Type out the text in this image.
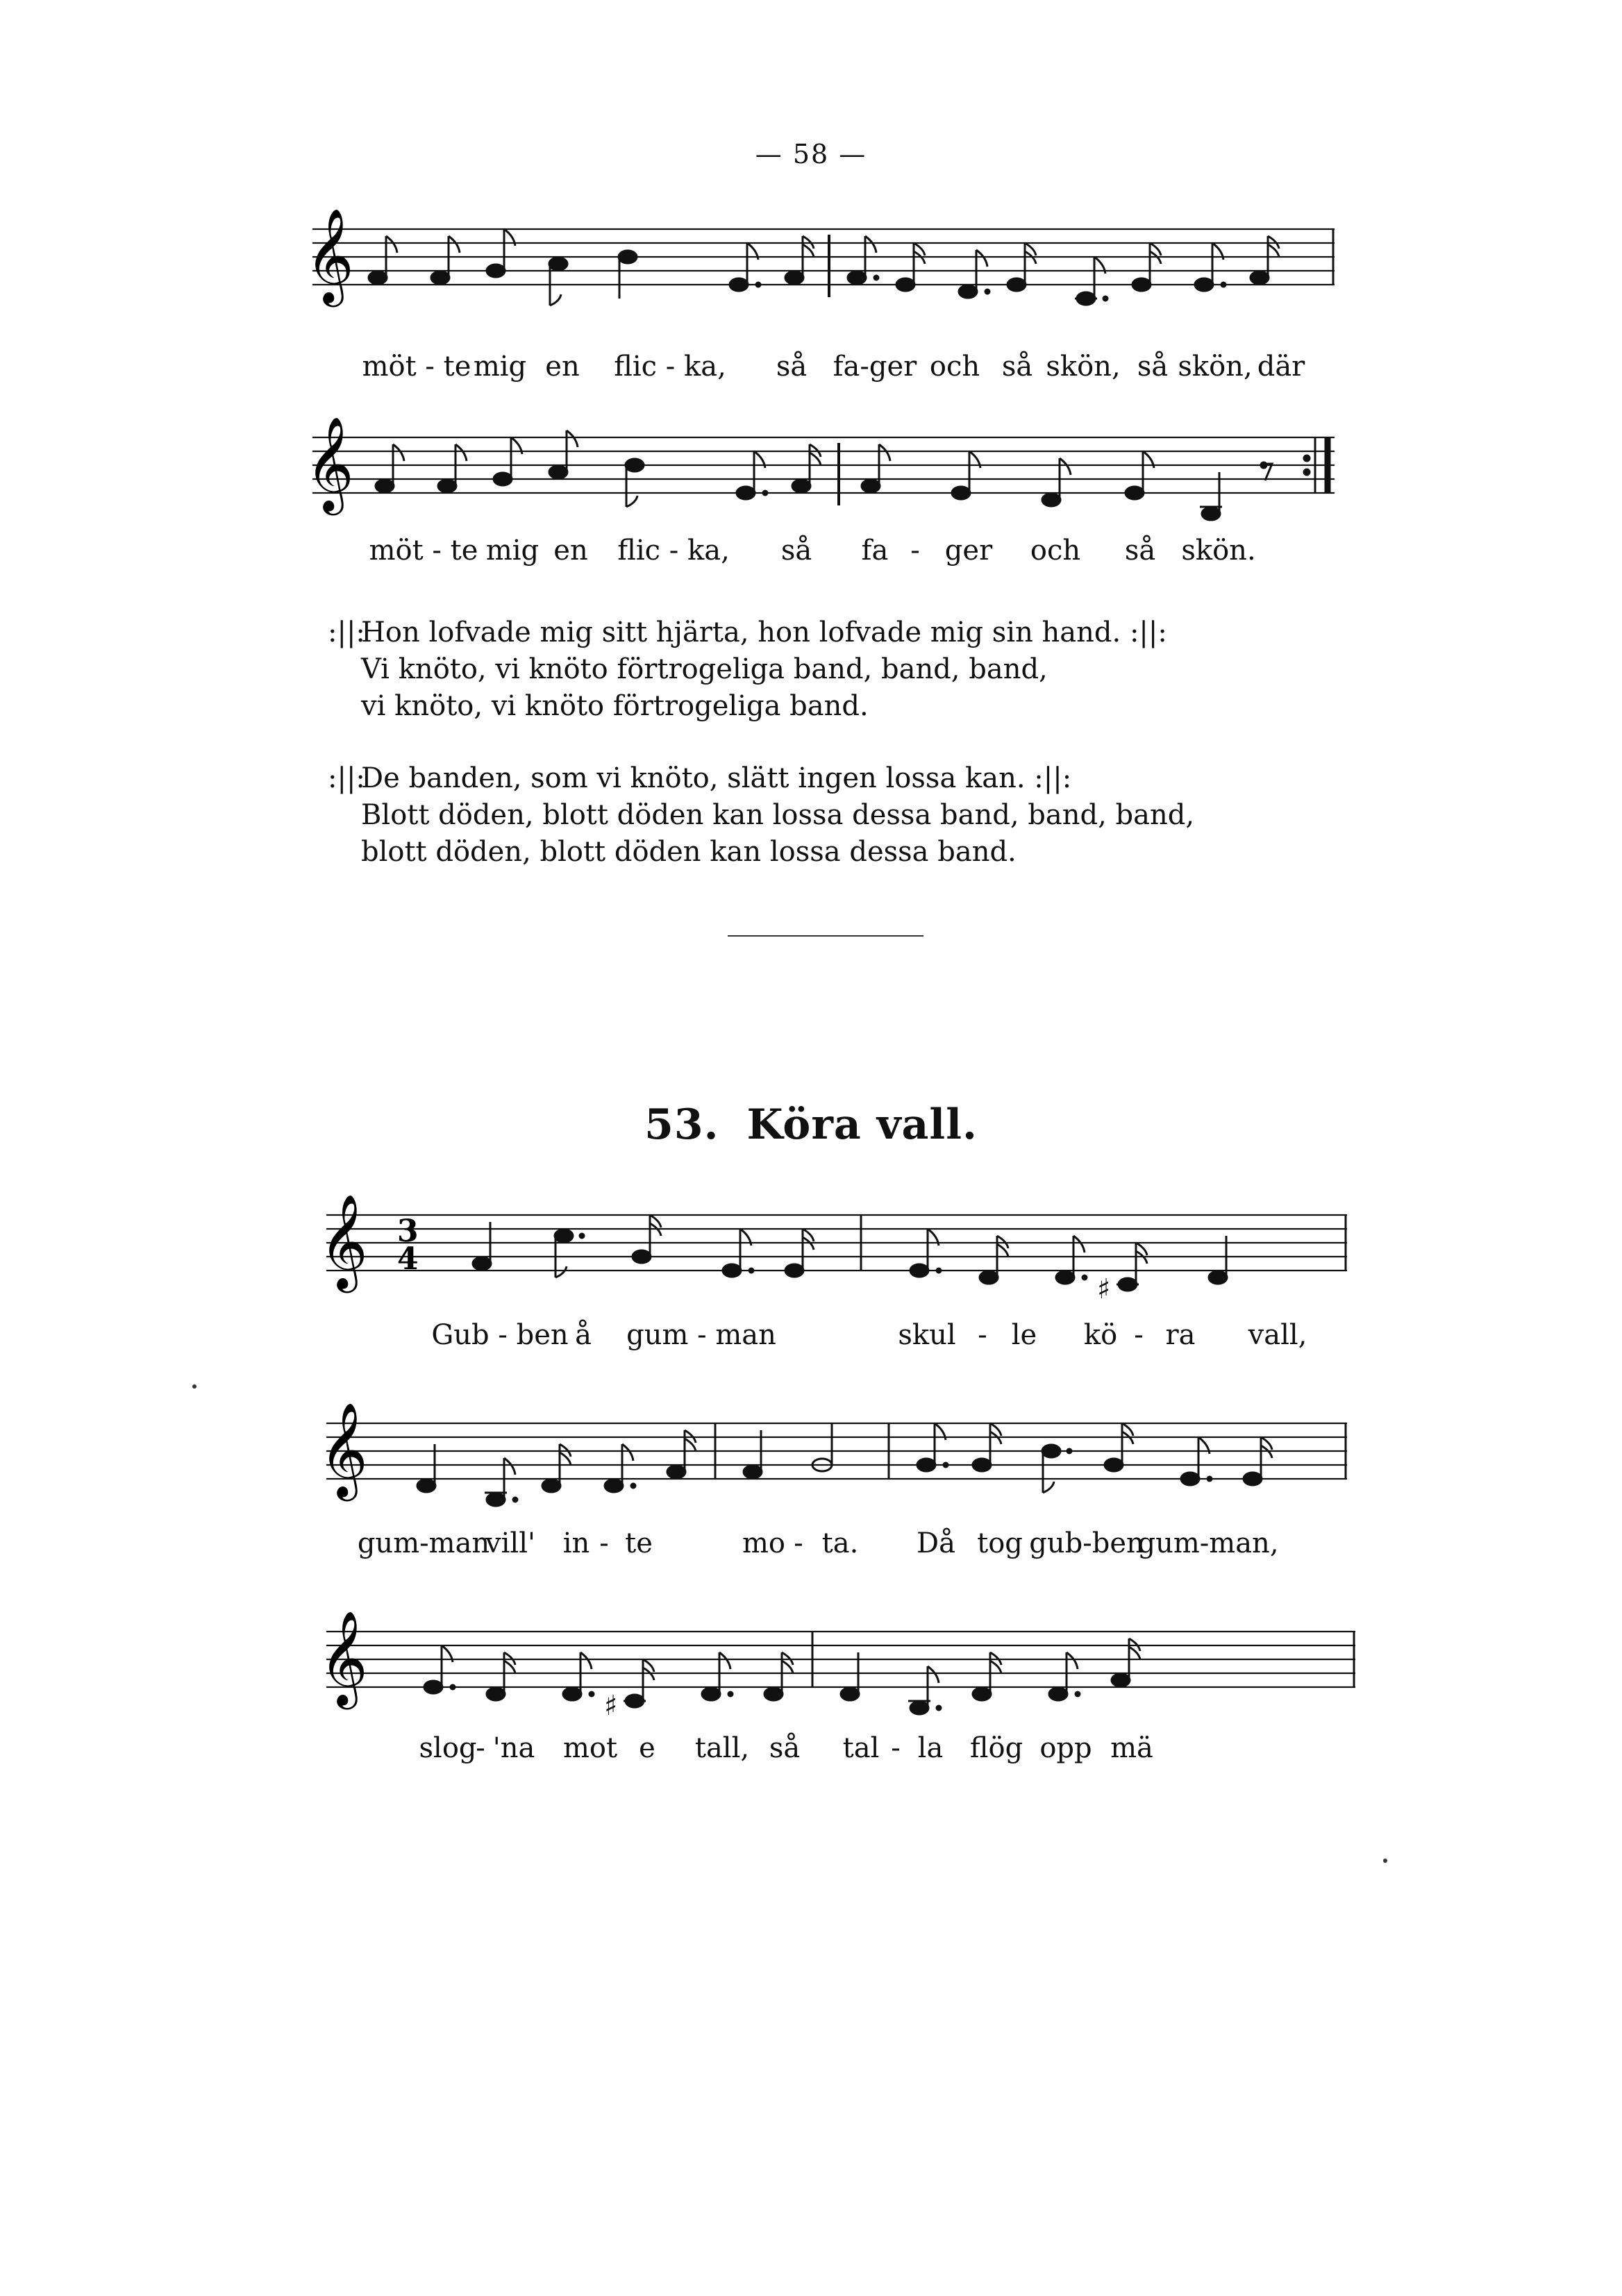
— 58 —
𝄞
möt - te mig en flic - ka, så fa-ger och så skön, så skön, där
𝄞
möt - te mig en flic - ka, så fa - ger och så skön.
:||:
Hon lofvade mig sitt hjärta, hon lofvade mig sin hand. :||:
Vi knöto, vi knöto förtrogeliga band, band, band,
vi knöto, vi knöto förtrogeliga band.
:||:
De banden, som vi knöto, slätt ingen lossa kan. :||:
Blott döden, blott döden kan lossa dessa band, band, band,
blott döden, blott döden kan lossa dessa band.
53. Köra vall.
𝄞 3
4
♯
Gub - ben å gum - man	skul - le kö - ra vall,
𝄞
gum-man
vill' in - te	mo - ta. Då tog gub-ben
gum-man,
𝄞
♯
slog
- 'na mot e tall, så tal - la flög opp mä
